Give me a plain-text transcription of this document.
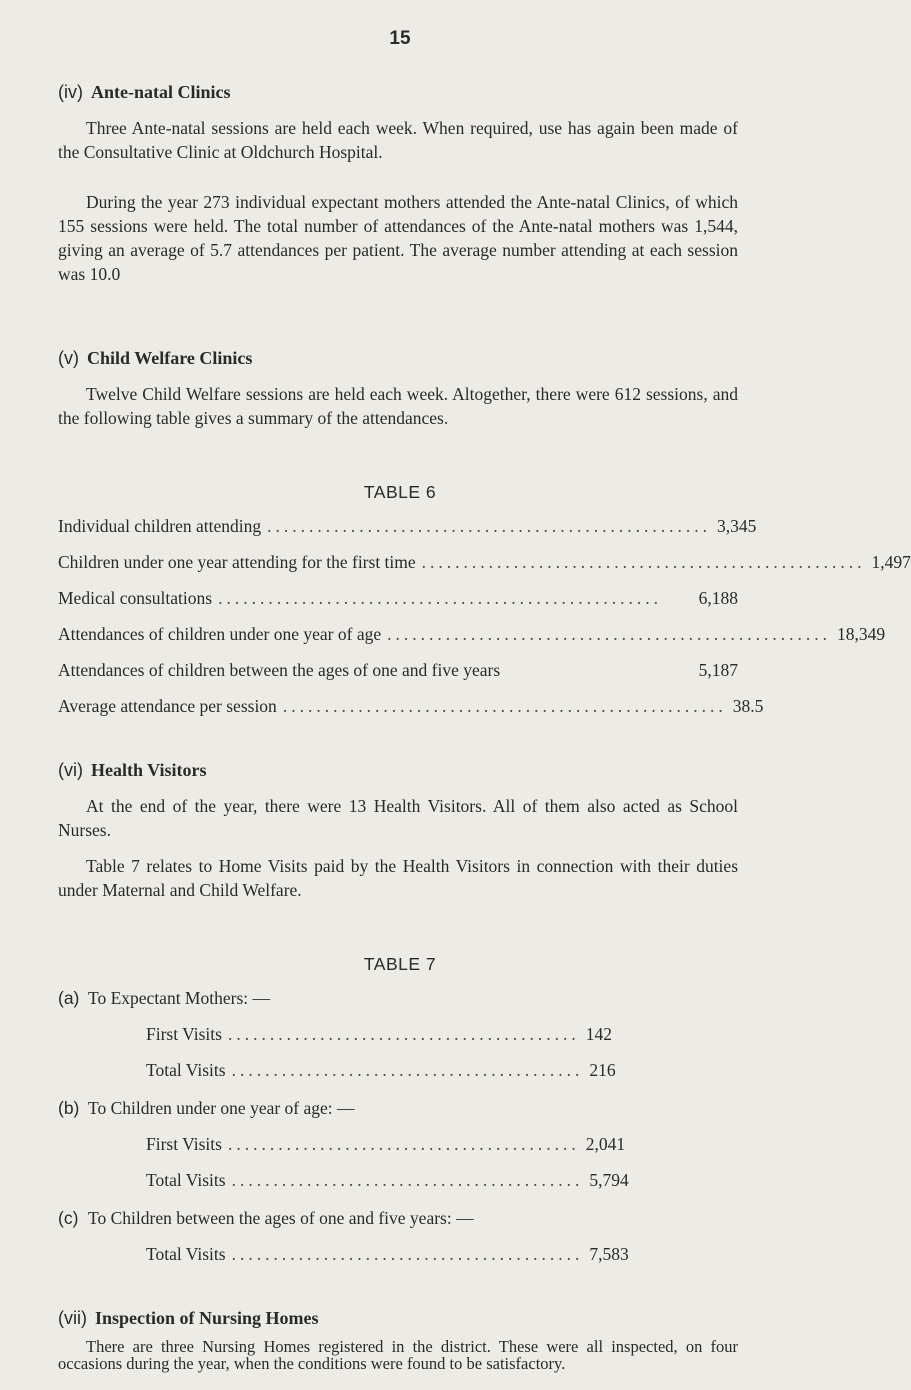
15
(iv) Ante-natal Clinics

Three Ante-natal sessions are held each week. When required, use has again been made of the Consultative Clinic at Oldchurch Hospital.

During the year 273 individual expectant mothers attended the Ante-natal Clinics, of which 155 sessions were held. The total number of attendances of the Ante-natal mothers was 1,544, giving an average of 5.7 attendances per patient. The average number attending at each session was 10.0

(v) Child Welfare Clinics

Twelve Child Welfare sessions are held each week. Altogether, there were 612 sessions, and the following table gives a summary of the attendances.

TABLE 6
Individual children attending ..................................................... 3,345
Children under one year attending for the first time ..................................................... 1,497
Medical consultations .....................................................	6,188
Attendances of children under one year of age ..................................................... 18,349
Attendances of children between the ages of one and five years	5,187
Average attendance per session ..................................................... 38.5
(vi) Health Visitors

At the end of the year, there were 13 Health Visitors. All of them also acted as School Nurses.

Table 7 relates to Home Visits paid by the Health Visitors in connection with their duties under Maternal and Child Welfare.

TABLE 7
(a) To Expectant Mothers: —
First Visits .......................................... 142
Total Visits .......................................... 216
(b) To Children under one year of age: —
First Visits .......................................... 2,041
Total Visits .......................................... 5,794
(c) To Children between the ages of one and five years: —
Total Visits .......................................... 7,583
(vii) Inspection of Nursing Homes

There are three Nursing Homes registered in the district. These were all inspected, on four occasions during the year, when the conditions were found to be satisfactory.
